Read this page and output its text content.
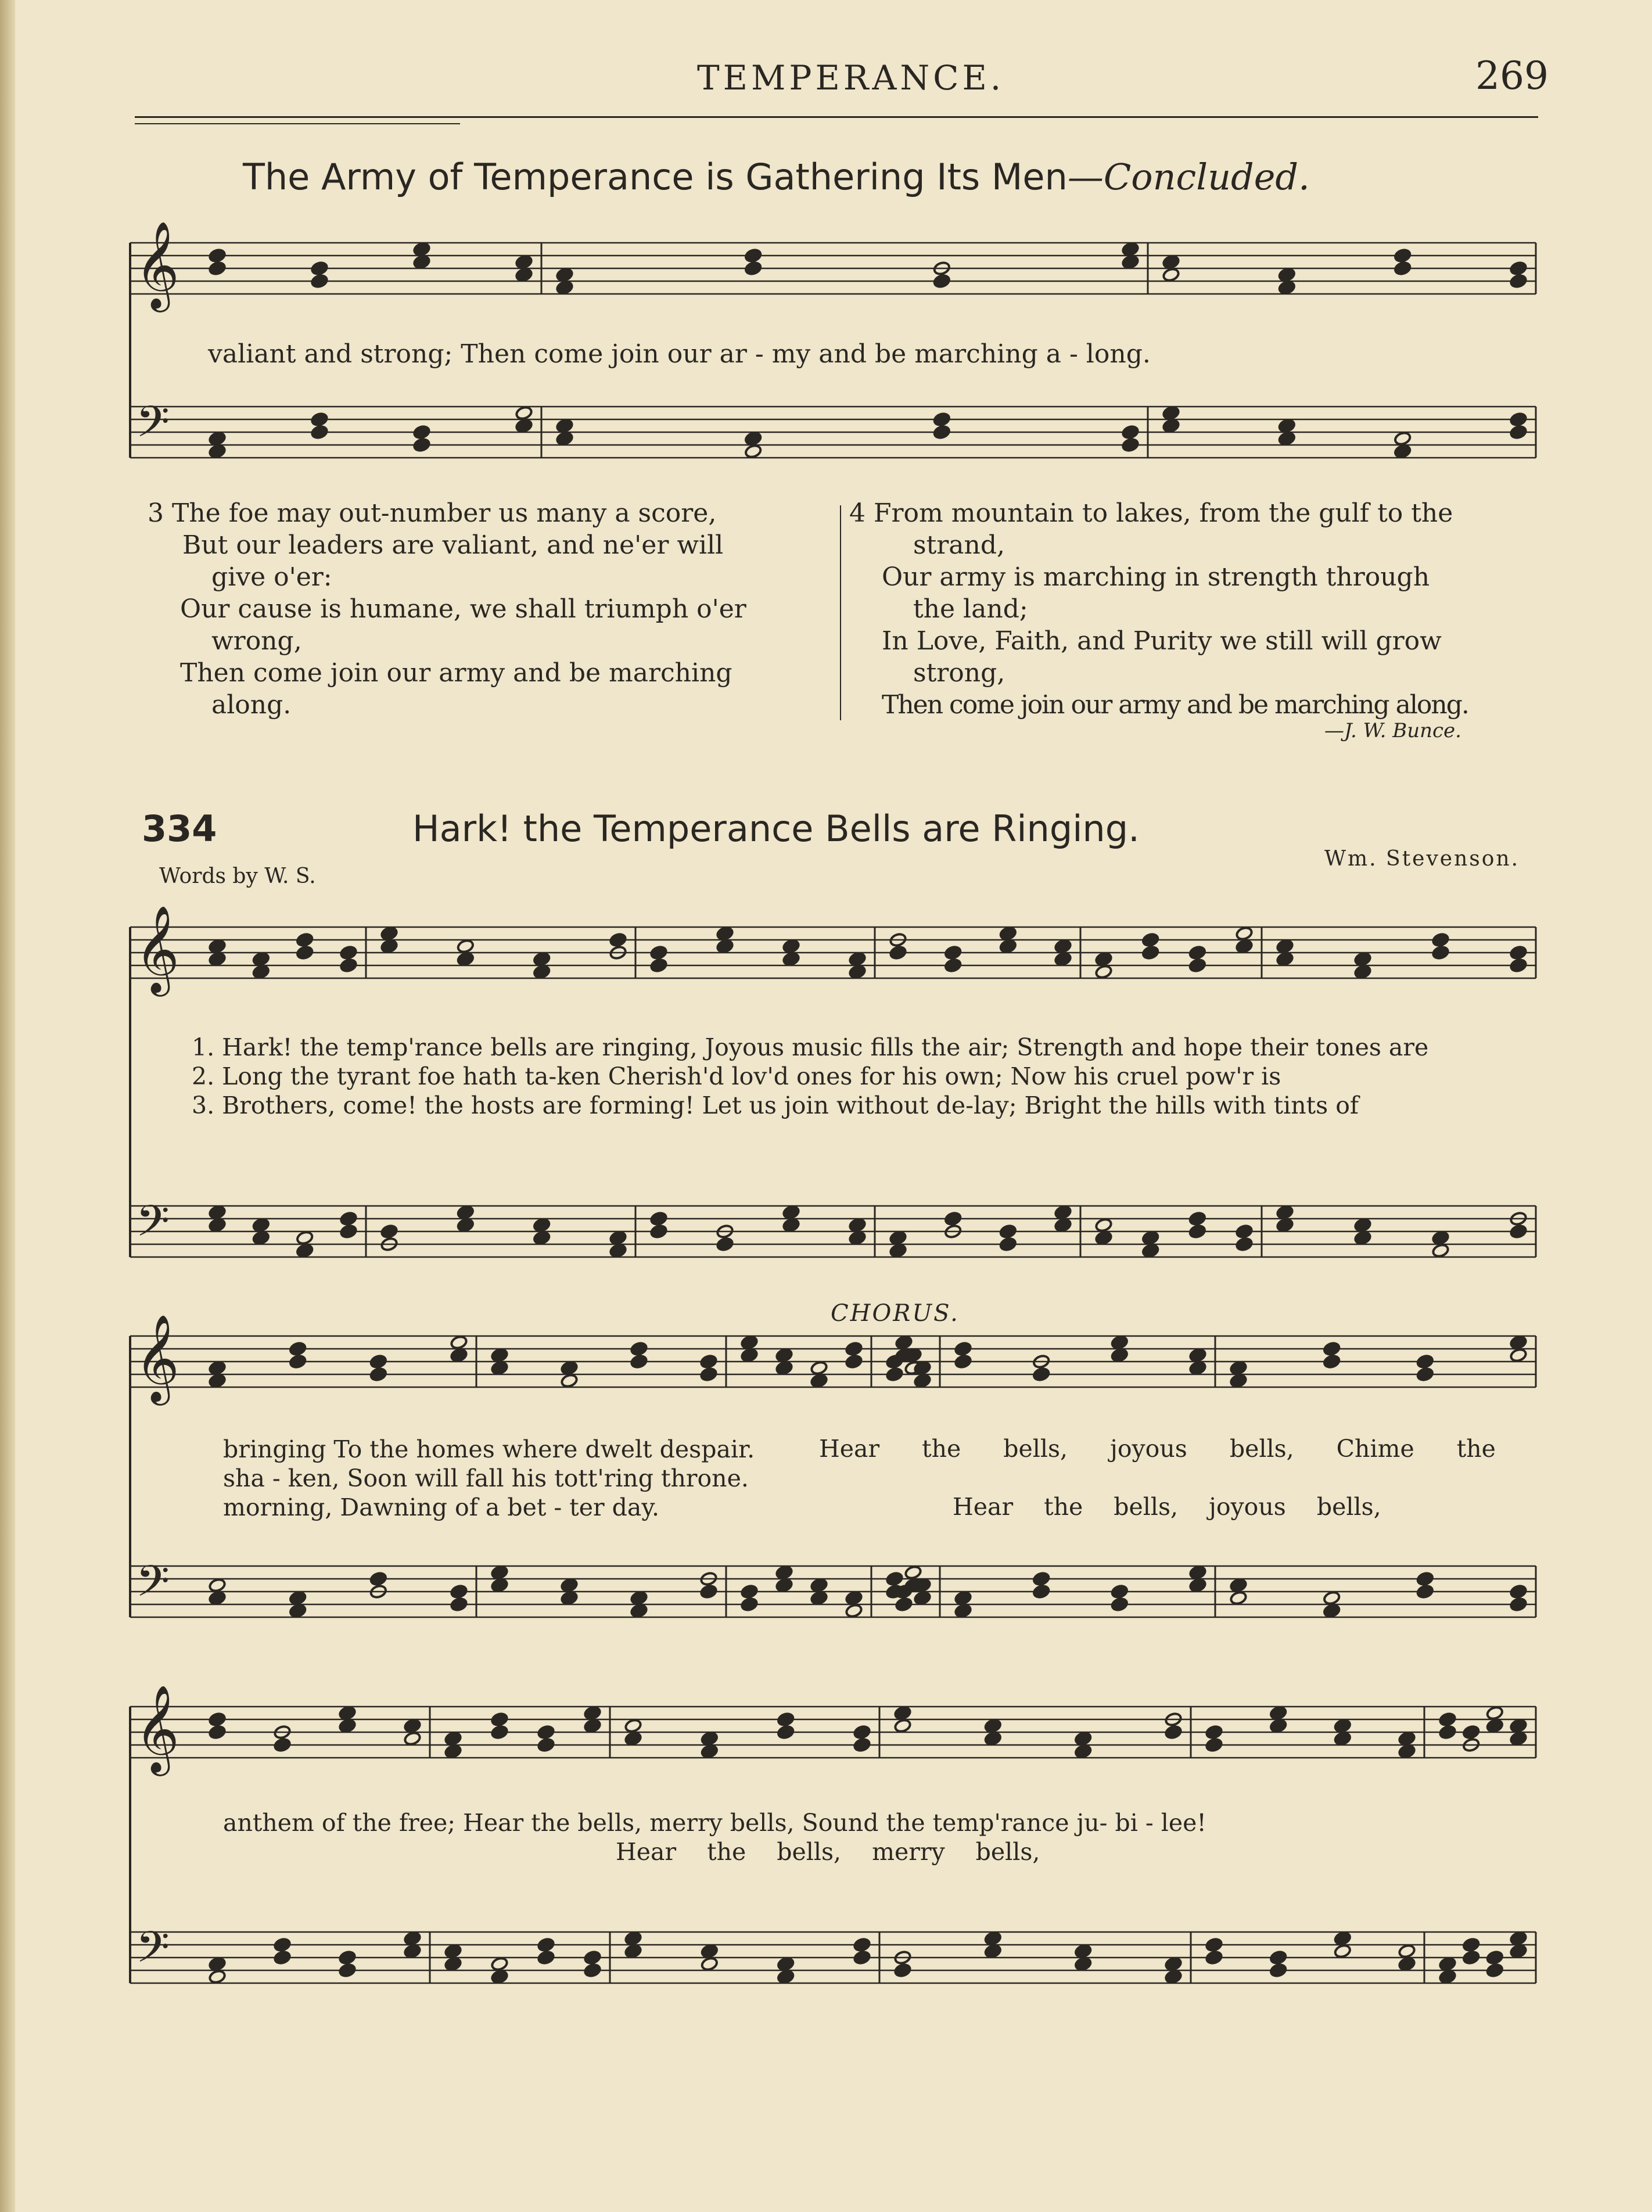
TEMPERANCE.	269
The Army of Temperance is Gathering Its Men—Concluded.
𝄞
𝄢
𝄞
𝄢
𝄞
𝄢
𝄞
𝄢
valiant and strong; Then come join our ar - my and be marching a - long.
3 The foe may out-number us many a score,
But our leaders are valiant, and ne'er will
give o'er:
Our cause is humane, we shall triumph o'er
wrong,
Then come join our army and be marching
along.
4 From mountain to lakes, from the gulf to the
strand,
Our army is marching in strength through
the land;
In Love, Faith, and Purity we still will grow
strong,
Then come join our army and be marching along.
—J. W. Bunce.
334	Hark! the Temperance Bells are Ringing.
Words by W. S.
Wm. Stevenson.
1. Hark! the temp'rance bells are ringing, Joyous music fills the air; Strength and hope their tones are
2. Long the tyrant foe hath ta-ken Cherish'd lov'd ones for his own; Now his cruel pow'r is
3. Brothers, come! the hosts are forming! Let us join without de-lay; Bright the hills with tints of
CHORUS.
bringing To the homes where dwelt despair.
sha - ken, Soon will fall his tott'ring throne.
morning, Dawning of a bet - ter day.
Hear the bells, joyous bells, Chime the
Hear the bells, joyous bells,
anthem of the free; Hear the bells, merry bells, Sound the temp'rance ju- bi - lee!
Hear the bells, merry bells,
